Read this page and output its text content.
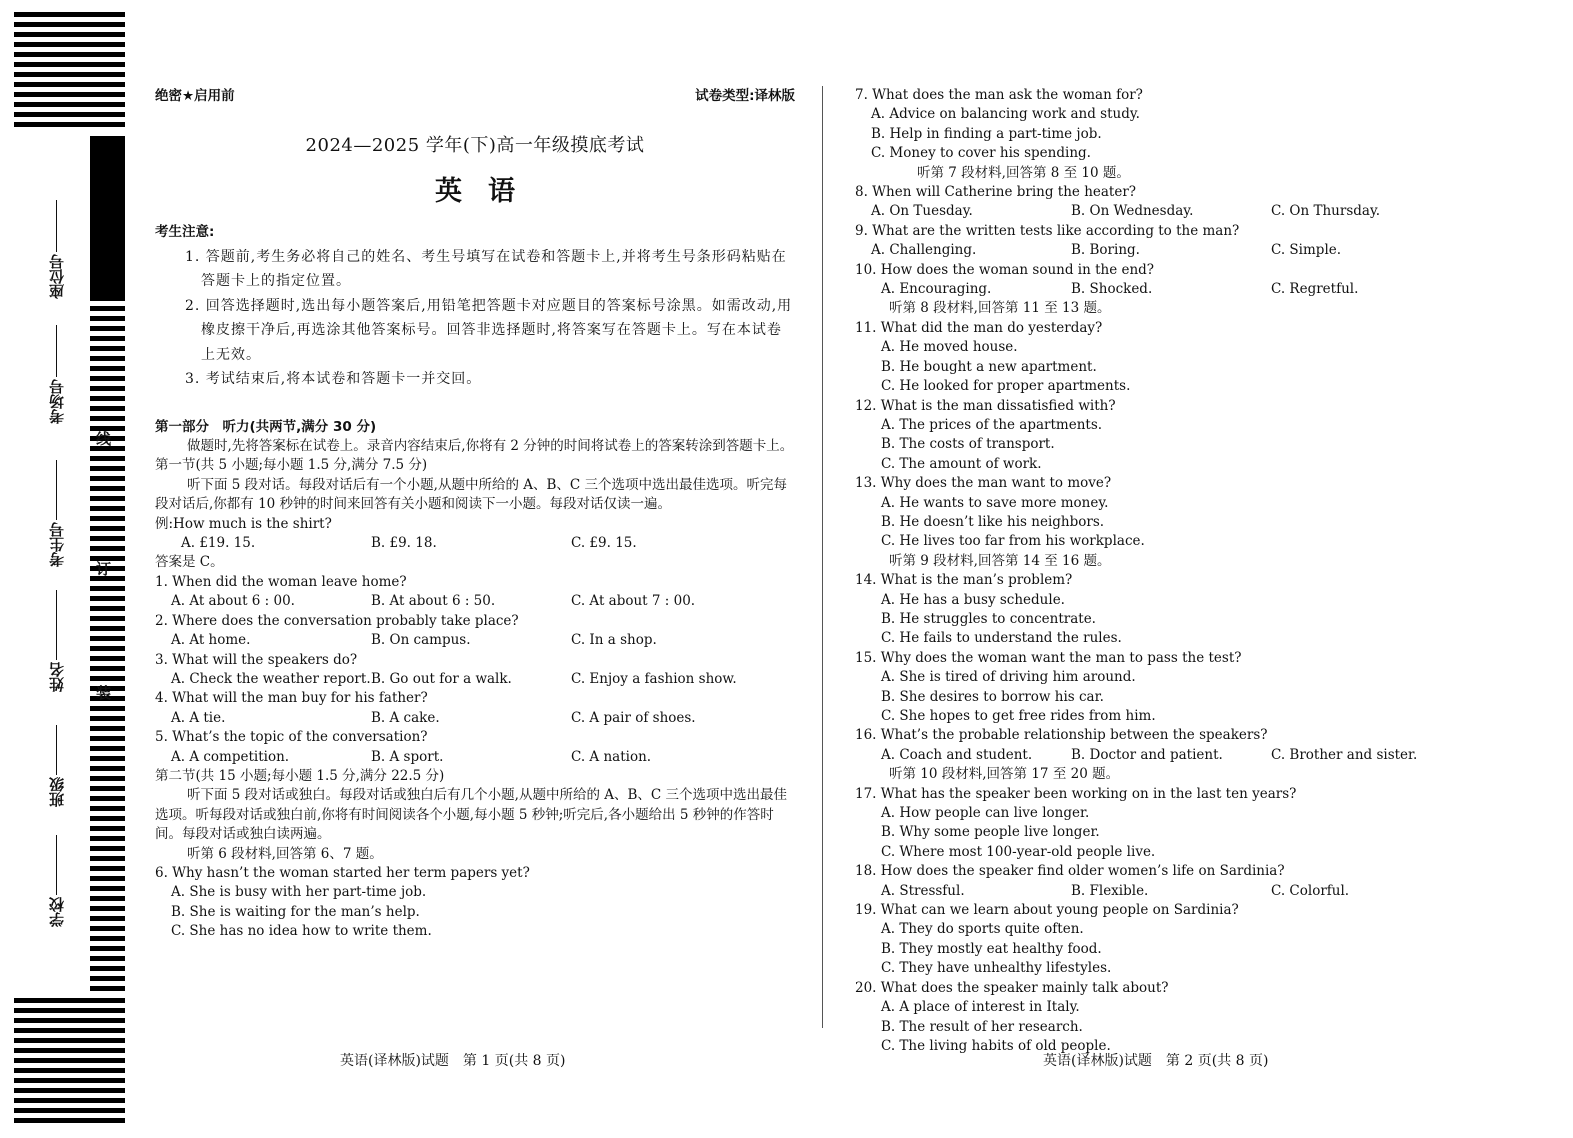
座位号
考场号
考生号
姓名
班级
学校
线
订
装
绝密★启用前	试卷类型:译林版
2024—2025 学年(下)高一年级摸底考试
英语
考生注意:
1. 答题前,考生务必将自己的姓名、考生号填写在试卷和答题卡上,并将考生号条形码粘贴在答题卡上的指定位置。
2. 回答选择题时,选出每小题答案后,用铅笔把答题卡对应题目的答案标号涂黑。如需改动,用橡皮擦干净后,再选涂其他答案标号。回答非选择题时,将答案写在答题卡上。写在本试卷上无效。
3. 考试结束后,将本试卷和答题卡一并交回。
第一部分　听力(共两节,满分 30 分)
做题时,先将答案标在试卷上。录音内容结束后,你将有 2 分钟的时间将试卷上的答案转涂到答题卡上。
第一节(共 5 小题;每小题 1.5 分,满分 7.5 分)
听下面 5 段对话。每段对话后有一个小题,从题中所给的 A、B、C 三个选项中选出最佳选项。听完每段对话后,你都有 10 秒钟的时间来回答有关小题和阅读下一小题。每段对话仅读一遍。
例:How much is the shirt?
A. £19. 15.	B. £9. 18.	C. £9. 15.
答案是 C。
1. When did the woman leave home?
A. At about 6 : 00.	B. At about 6 : 50.	C. At about 7 : 00.
2. Where does the conversation probably take place?
A. At home.	B. On campus.	C. In a shop.
3. What will the speakers do?
A. Check the weather report. B. Go out for a walk.	C. Enjoy a fashion show.
4. What will the man buy for his father?
A. A tie.	B. A cake.	C. A pair of shoes.
5. What’s the topic of the conversation?
A. A competition.	B. A sport.	C. A nation.
第二节(共 15 小题;每小题 1.5 分,满分 22.5 分)
听下面 5 段对话或独白。每段对话或独白后有几个小题,从题中所给的 A、B、C 三个选项中选出最佳选项。听每段对话或独白前,你将有时间阅读各个小题,每小题 5 秒钟;听完后,各小题给出 5 秒钟的作答时间。每段对话或独白读两遍。
听第 6 段材料,回答第 6、7 题。
6. Why hasn’t the woman started her term papers yet?
A. She is busy with her part-time job.
B. She is waiting for the man’s help.
C. She has no idea how to write them.
7. What does the man ask the woman for?
A. Advice on balancing work and study.
B. Help in finding a part-time job.
C. Money to cover his spending.
听第 7 段材料,回答第 8 至 10 题。
8. When will Catherine bring the heater?
A. On Tuesday.	B. On Wednesday.	C. On Thursday.
9. What are the written tests like according to the man?
A. Challenging.	B. Boring.	C. Simple.
10. How does the woman sound in the end?
A. Encouraging.	B. Shocked.	C. Regretful.
听第 8 段材料,回答第 11 至 13 题。
11. What did the man do yesterday?
A. He moved house.
B. He bought a new apartment.
C. He looked for proper apartments.
12. What is the man dissatisfied with?
A. The prices of the apartments.
B. The costs of transport.
C. The amount of work.
13. Why does the man want to move?
A. He wants to save more money.
B. He doesn’t like his neighbors.
C. He lives too far from his workplace.
听第 9 段材料,回答第 14 至 16 题。
14. What is the man’s problem?
A. He has a busy schedule.
B. He struggles to concentrate.
C. He fails to understand the rules.
15. Why does the woman want the man to pass the test?
A. She is tired of driving him around.
B. She desires to borrow his car.
C. She hopes to get free rides from him.
16. What’s the probable relationship between the speakers?
A. Coach and student.	B. Doctor and patient.	C. Brother and sister.
听第 10 段材料,回答第 17 至 20 题。
17. What has the speaker been working on in the last ten years?
A. How people can live longer.
B. Why some people live longer.
C. Where most 100-year-old people live.
18. How does the speaker find older women’s life on Sardinia?
A. Stressful.	B. Flexible.	C. Colorful.
19. What can we learn about young people on Sardinia?
A. They do sports quite often.
B. They mostly eat healthy food.
C. They have unhealthy lifestyles.
20. What does the speaker mainly talk about?
A. A place of interest in Italy.
B. The result of her research.
C. The living habits of old people.
英语(译林版)试题　第 1 页(共 8 页)	英语(译林版)试题　第 2 页(共 8 页)
